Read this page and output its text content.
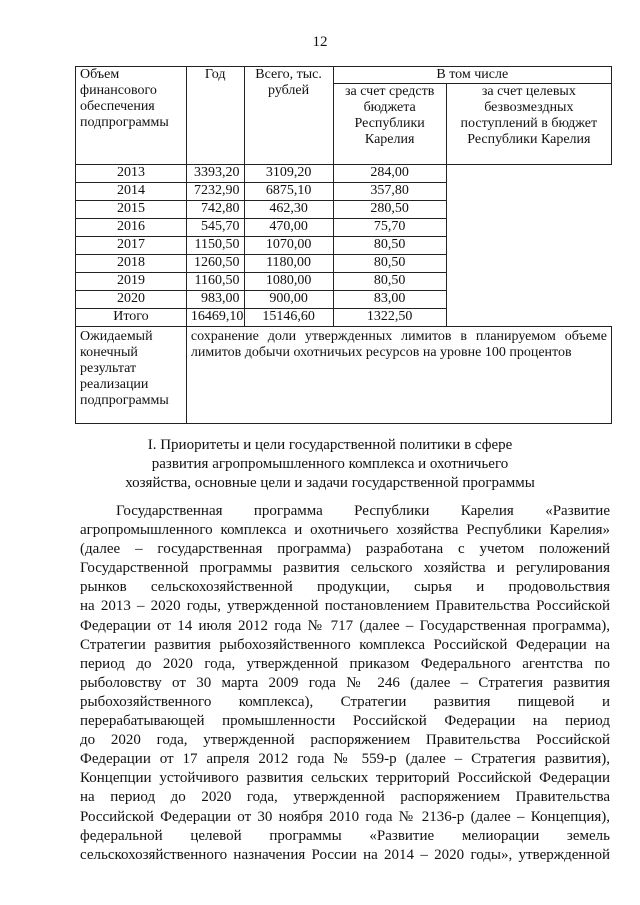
12
Объем финансового обеспечения подпрограммы	Год	Всего, тыс. рублей	В том числе	
			за счет средств бюджета Республики Карелия	за счет целевых безвозмездных поступлений в бюджет Республики Карелия
2013	3393,20	3109,20	284,00	
2014	7232,90	6875,10	357,80	
2015	742,80	462,30	280,50	
2016	545,70	470,00	75,70	
2017	1150,50	1070,00	80,50	
2018	1260,50	1180,00	80,50	
2019	1160,50	1080,00	80,50	
2020	983,00	900,00	83,00	
Итого	16469,10	15146,60	1322,50	
Ожидаемый конечный результат реализации подпрограммы	сохранение доли утвержденных лимитов в планируемом объеме лимитов добычи охотничьих ресурсов на уровне 100 процентов			
I. Приоритеты и цели государственной политики в сфере
развития агропромышленного комплекса и охотничьего
хозяйства, основные цели и задачи государственной программы
Государственная программа Республики Карелия «Развитие
агропромышленного комплекса и охотничьего хозяйства Республики Карелия»
(далее – государственная программа) разработана с учетом положений
Государственной программы развития сельского хозяйства и регулирования
рынков сельскохозяйственной продукции, сырья и продовольствия
на 2013 – 2020 годы, утвержденной постановлением Правительства Российской
Федерации от 14 июля 2012 года № 717 (далее – Государственная программа),
Стратегии развития рыбохозяйственного комплекса Российской Федерации на
период до 2020 года, утвержденной приказом Федерального агентства по
рыболовству от 30 марта 2009 года № 246 (далее – Стратегия развития
рыбохозяйственного комплекса), Стратегии развития пищевой и
перерабатывающей промышленности Российской Федерации на период
до 2020 года, утвержденной распоряжением Правительства Российской
Федерации от 17 апреля 2012 года № 559-р (далее – Стратегия развития),
Концепции устойчивого развития сельских территорий Российской Федерации
на период до 2020 года, утвержденной распоряжением Правительства
Российской Федерации от 30 ноября 2010 года № 2136-р (далее – Концепция),
федеральной целевой программы «Развитие мелиорации земель
сельскохозяйственного назначения России на 2014 – 2020 годы», утвержденной
